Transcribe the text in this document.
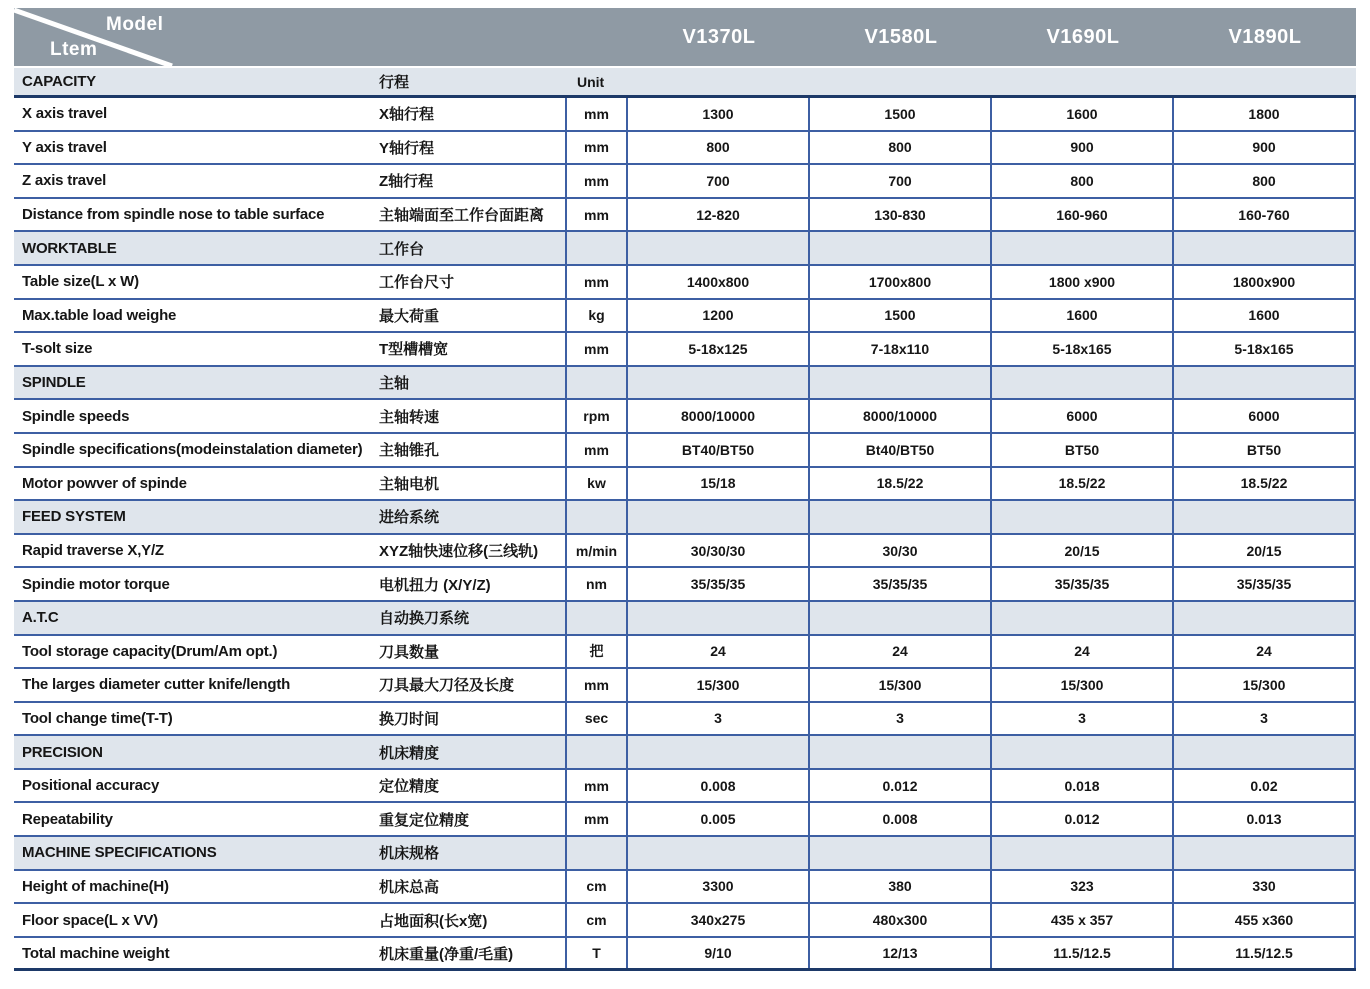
Model
Ltem
V1370L	V1580L	V1690L	V1890L
CAPACITY	行程	Unit
X axis travel	X轴行程	mm	1300	1500	1600	1800
Y axis travel	Y轴行程	mm	800	800	900	900
Z axis travel	Z轴行程	mm	700	700	800	800
Distance from spindle nose to table surface	主轴端面至工作台面距离	mm	12-820	130-830	160-960	160-760
WORKTABLE	工作台
Table size(L x W)	工作台尺寸	mm	1400x800	1700x800	1800 x900	1800x900
Max.table load weighe	最大荷重	kg	1200	1500	1600	1600
T-solt size	T型槽槽宽	mm	5-18x125	7-18x110	5-18x165	5-18x165
SPINDLE	主轴
Spindle speeds	主轴转速	rpm	8000/10000	8000/10000	6000	6000
Spindle specifications(modeinstalation diameter)	主轴锥孔	mm	BT40/BT50	Bt40/BT50	BT50	BT50
Motor powver of spinde	主轴电机	kw	15/18	18.5/22	18.5/22	18.5/22
FEED SYSTEM	进给系统
Rapid traverse X,Y/Z	XYZ轴快速位移(三线轨)	m/min	30/30/30	30/30	20/15	20/15
Spindie motor torque	电机扭力 (X/Y/Z)	nm	35/35/35	35/35/35	35/35/35	35/35/35
A.T.C	自动换刀系统
Tool storage capacity(Drum/Am opt.)	刀具数量	把	24	24	24	24
The larges diameter cutter knife/length	刀具最大刀径及长度	mm	15/300	15/300	15/300	15/300
Tool change time(T-T)	换刀时间	sec	3	3	3	3
PRECISION	机床精度
Positional accuracy	定位精度	mm	0.008	0.012	0.018	0.02
Repeatability	重复定位精度	mm	0.005	0.008	0.012	0.013
MACHINE SPECIFICATIONS	机床规格
Height of machine(H)	机床总高	cm	3300	380	323	330
Floor space(L x VV)	占地面积(长x宽)	cm	340x275	480x300	435 x 357	455 x360
Total machine weight	机床重量(净重/毛重)	T	9/10	12/13	11.5/12.5	11.5/12.5
